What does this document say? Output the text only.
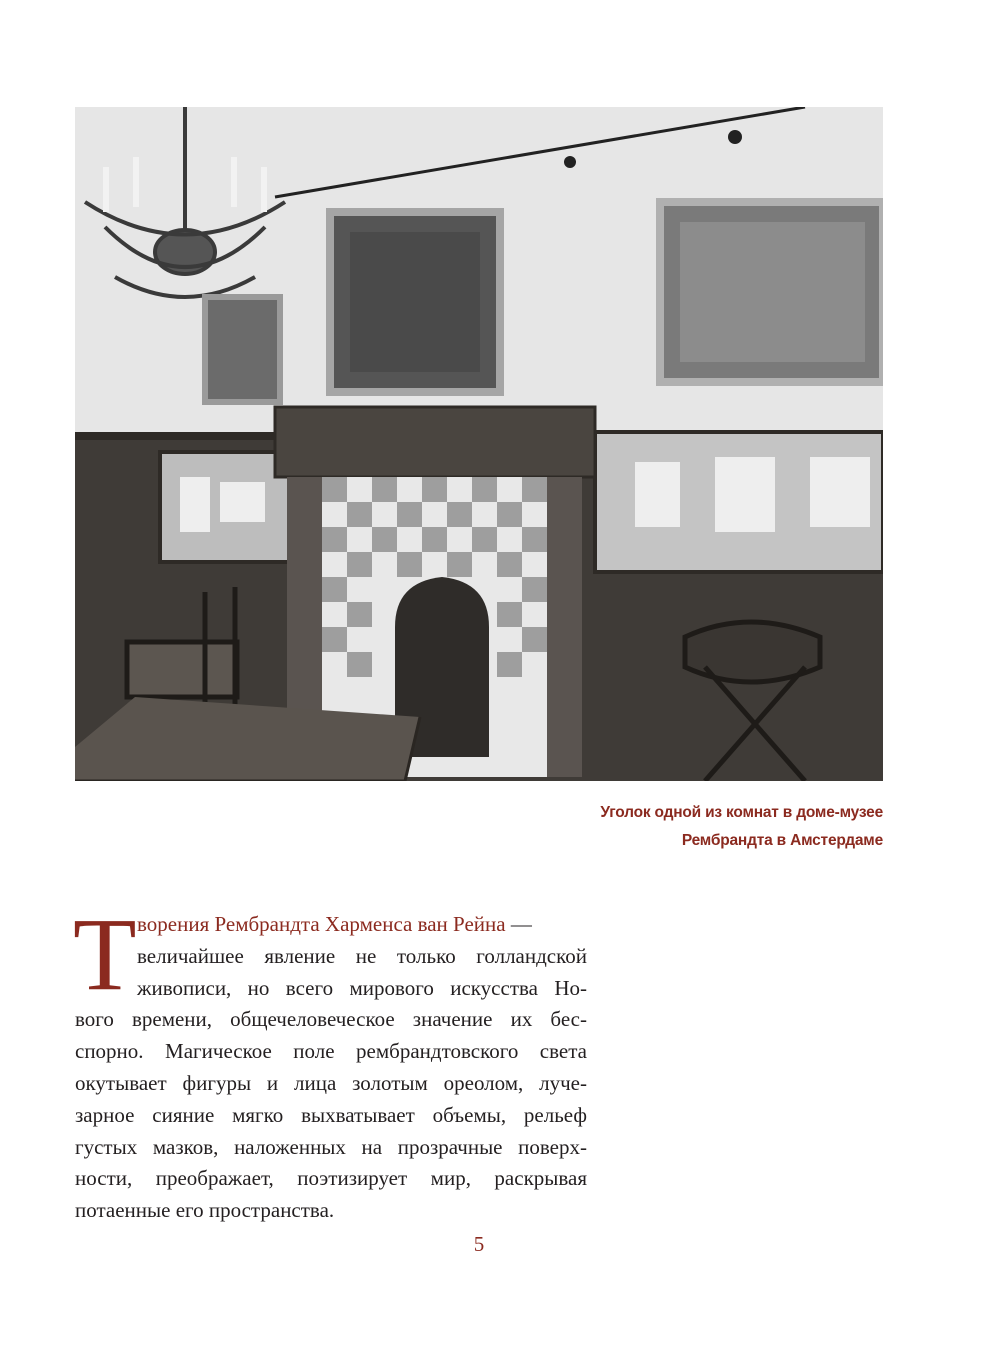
Уголок одной из комнат в доме-музее
Рембрандта в Амстердаме
Т ворения Рембрандта Харменса ван Рейна —
величайшее явление не только голландской
живописи, но всего мирового искусства Но-
вого времени, общечеловеческое значение их бес-
спорно. Магическое поле рембрандтовского света
окутывает фигуры и лица золотым ореолом, луче-
зарное сияние мягко выхватывает объемы, рельеф
густых мазков, наложенных на прозрачные поверх-
ности, преображает, поэтизирует мир, раскрывая
потаенные его пространства.
5
